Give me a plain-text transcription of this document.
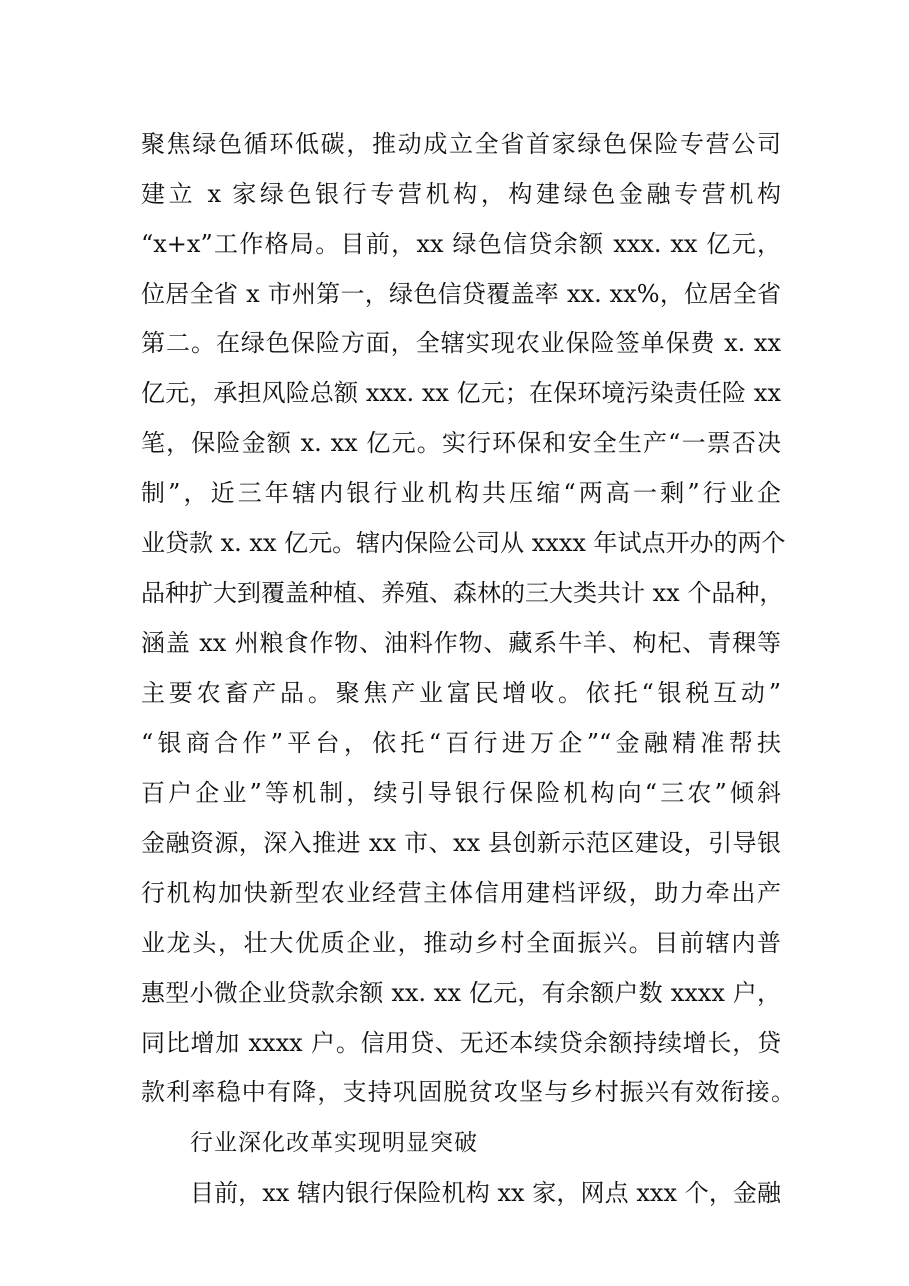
聚焦绿色循环低碳，推动成立全省首家绿色保险专营公司
建立 x 家绿色银行专营机构，构建绿色金融专营机构
“x+x”工作格局。目前，xx 绿色信贷余额 xxx. xx 亿元，
位居全省 x 市州第一，绿色信贷覆盖率 xx. xx%，位居全省
第二。在绿色保险方面，全辖实现农业保险签单保费 x. xx
亿元，承担风险总额 xxx. xx 亿元；在保环境污染责任险 xx
笔，保险金额 x. xx 亿元。实行环保和安全生产“一票否决
制”，近三年辖内银行业机构共压缩“两高一剩”行业企
业贷款 x. xx 亿元。辖内保险公司从 xxxx 年试点开办的两个
品种扩大到覆盖种植、养殖、森林的三大类共计 xx 个品种，
涵盖 xx 州粮食作物、油料作物、藏系牛羊、枸杞、青稞等
主要农畜产品。聚焦产业富民增收。依托“银税互动”
“银商合作”平台，依托“百行进万企”“金融精准帮扶
百户企业”等机制，续引导银行保险机构向“三农”倾斜
金融资源，深入推进 xx 市、xx 县创新示范区建设，引导银
行机构加快新型农业经营主体信用建档评级，助力牵出产
业龙头，壮大优质企业，推动乡村全面振兴。目前辖内普
惠型小微企业贷款余额 xx. xx 亿元，有余额户数 xxxx 户，
同比增加 xxxx 户。信用贷、无还本续贷余额持续增长，贷
款利率稳中有降，支持巩固脱贫攻坚与乡村振兴有效衔接。
行业深化改革实现明显突破
目前，xx 辖内银行保险机构 xx 家，网点 xxx 个，金融
